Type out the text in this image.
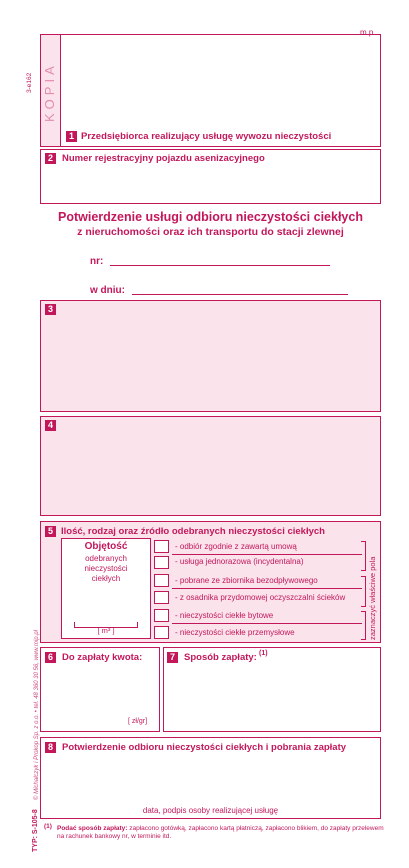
3-e162
© Michalczyk i Prokop Sp. z o.o. • tel. 48 360 30 56, www.mip.pl
TYP: S-105-8
KOPIA
m.p.
1 Przedsiębiorca realizujący usługę wywozu nieczystości
2 Numer rejestracyjny pojazdu asenizacyjnego
Potwierdzenie usługi odbioru nieczystości ciekłych
z nieruchomości oraz ich transportu do stacji zlewnej
nr:
w dniu:
3
4
5 Ilość, rodzaj oraz źródło odebranych nieczystości ciekłych
Objętość
odebranych
nieczystości
ciekłych
[ m³ ]
- odbiór zgodnie z zawartą umową
- usługa jednorazowa (incydentalna)
- pobrane ze zbiornika bezodpływowego
- z osadnika przydomowej oczyszczalni ścieków
- nieczystości ciekłe bytowe
- nieczystości ciekłe przemysłowe	zaznaczyć właściwe pola
6 Do zapłaty kwota:
[ zł/gr]
7 Sposób zapłaty: (1)
8 Potwierdzenie odbioru nieczystości ciekłych i pobrania zapłaty
data, podpis osoby realizującej usługę
(1) Podać sposób zapłaty: zapłacono gotówką, zapłacono kartą płatniczą, zapłacono blikiem, do zapłaty przelewem
na rachunek bankowy nr, w terminie itd.
